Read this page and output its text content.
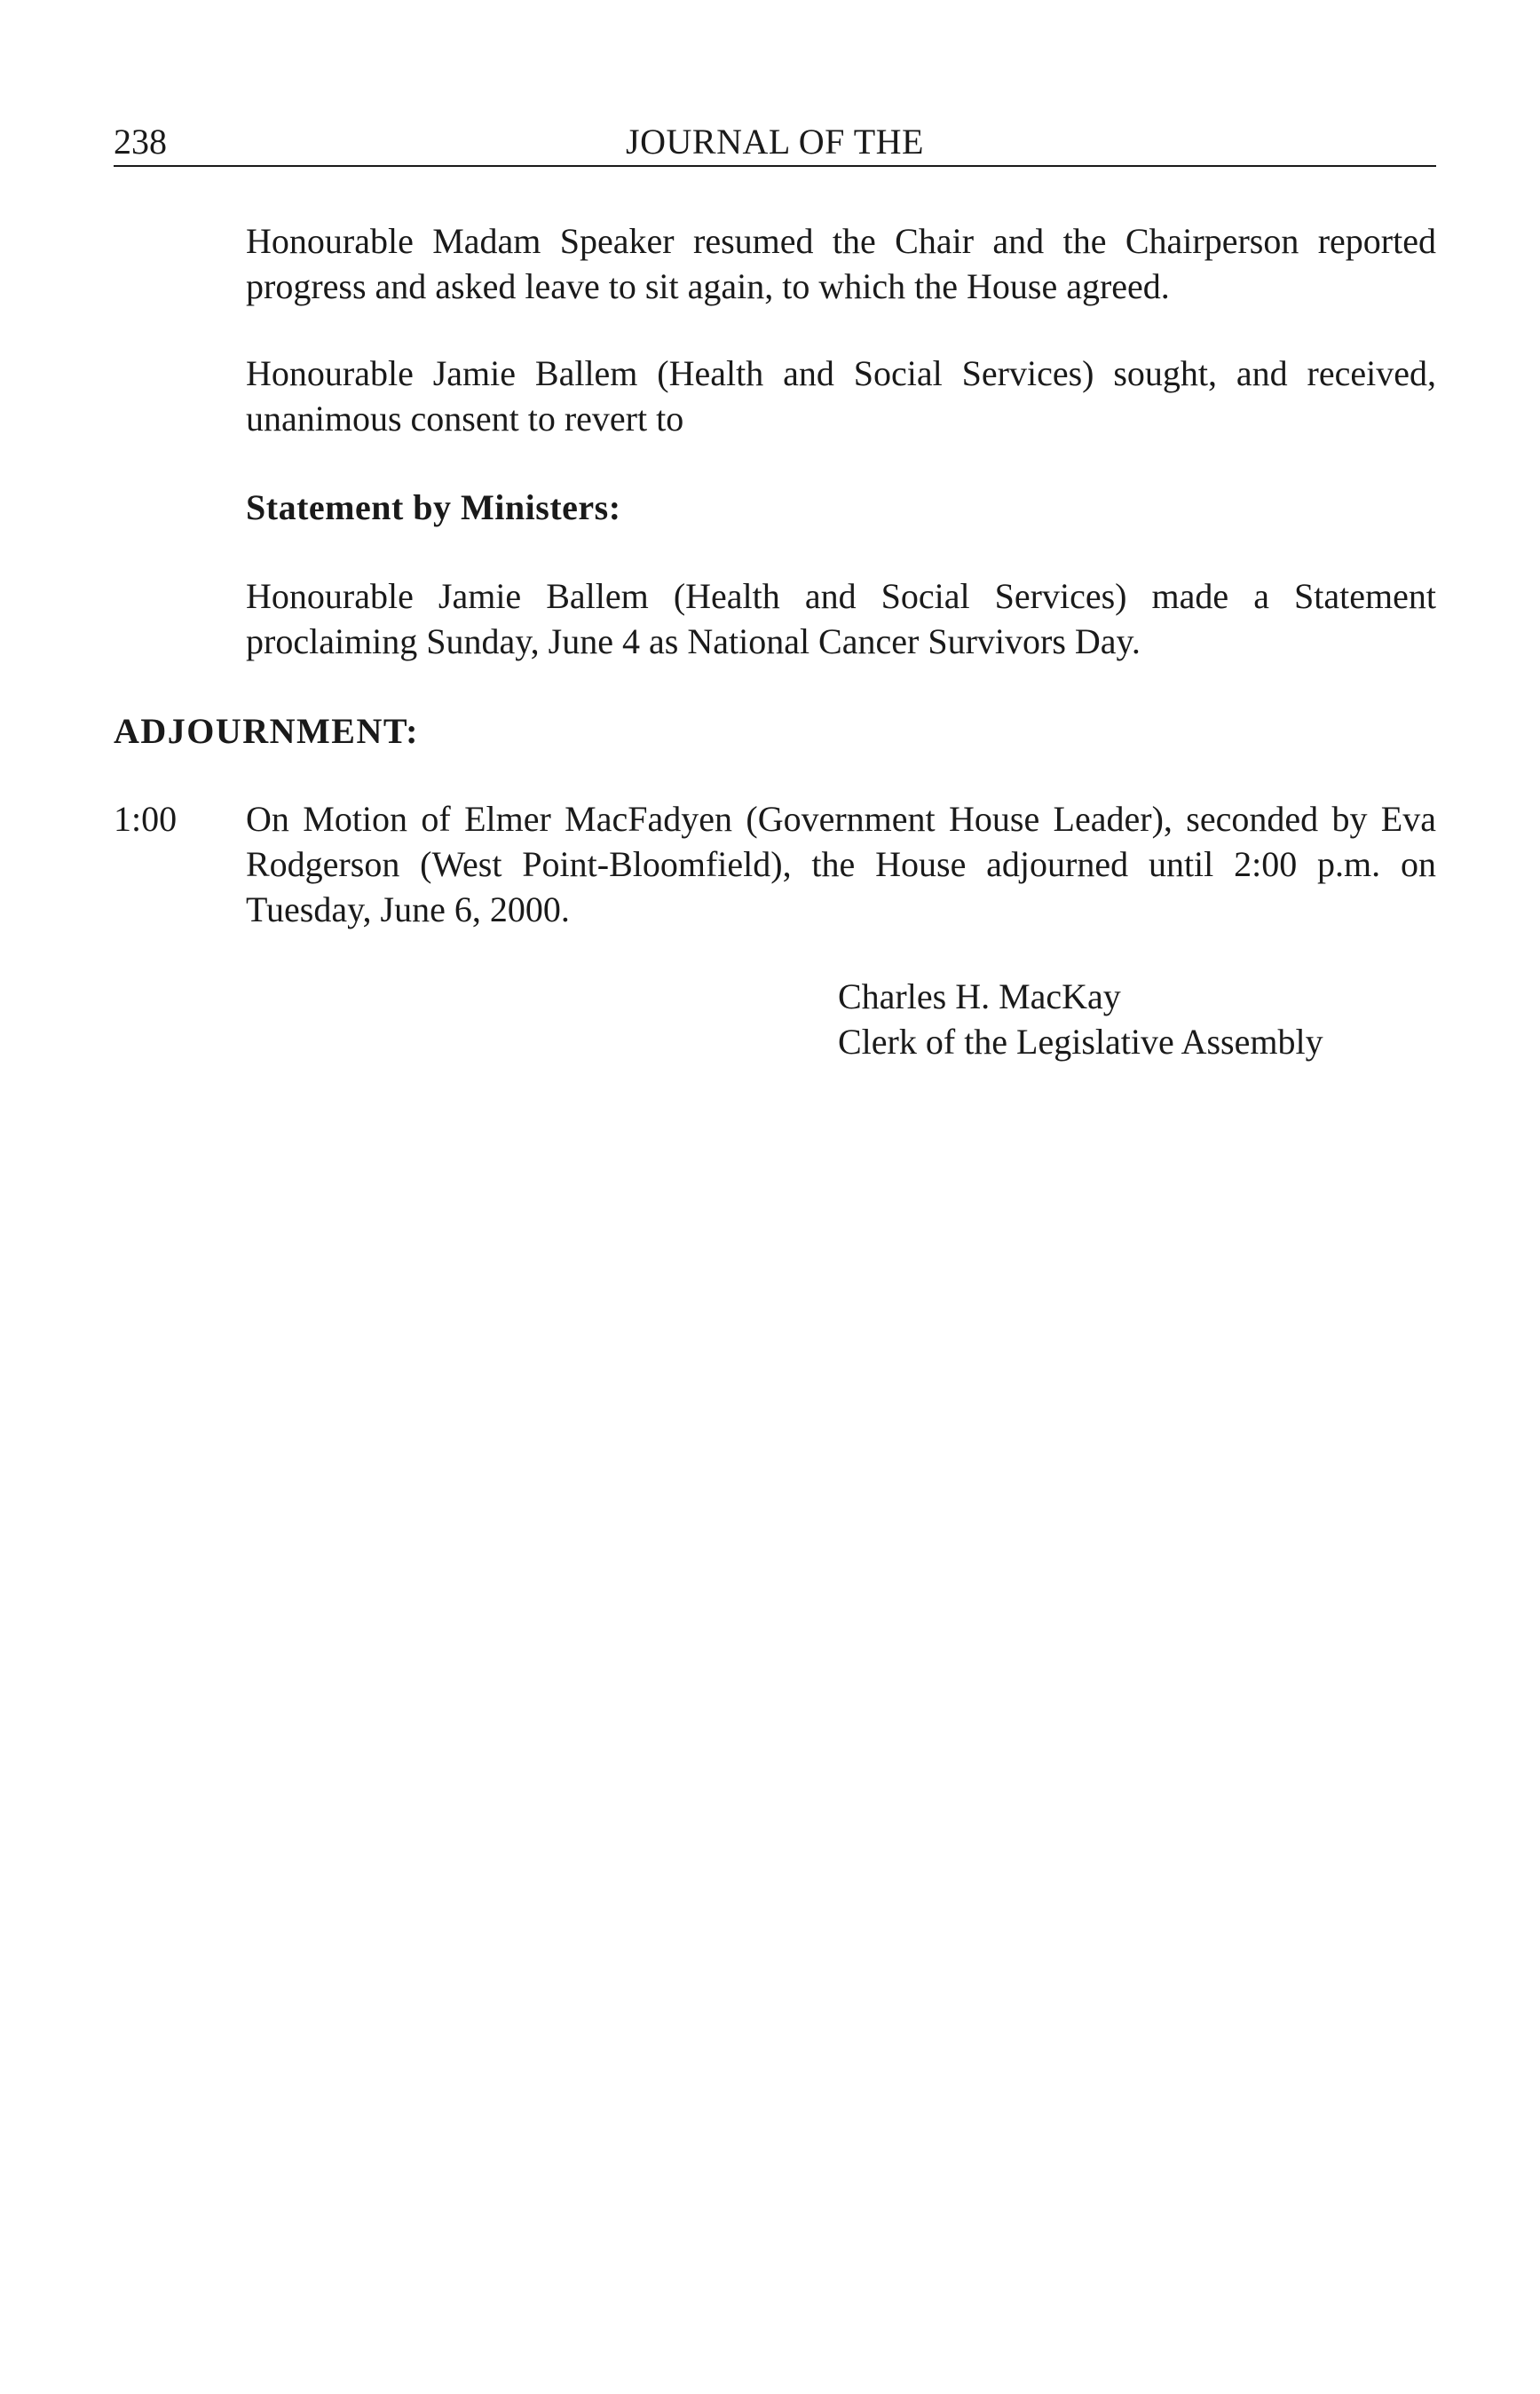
238	JOURNAL OF THE

Honourable Madam Speaker resumed the Chair and the Chairperson reported progress and asked leave to sit again, to which the House agreed.

Honourable Jamie Ballem (Health and Social Services) sought, and received, unanimous consent to revert to

Statement by Ministers:

Honourable Jamie Ballem (Health and Social Services) made a Statement proclaiming Sunday, June 4 as National Cancer Survivors Day.

ADJOURNMENT:
1:00 On Motion of Elmer MacFadyen (Government House Leader), seconded by Eva Rodgerson (West Point-Bloomfield), the House adjourned until 2:00 p.m. on Tuesday, June 6, 2000.

Charles H. MacKay
Clerk of the Legislative Assembly
